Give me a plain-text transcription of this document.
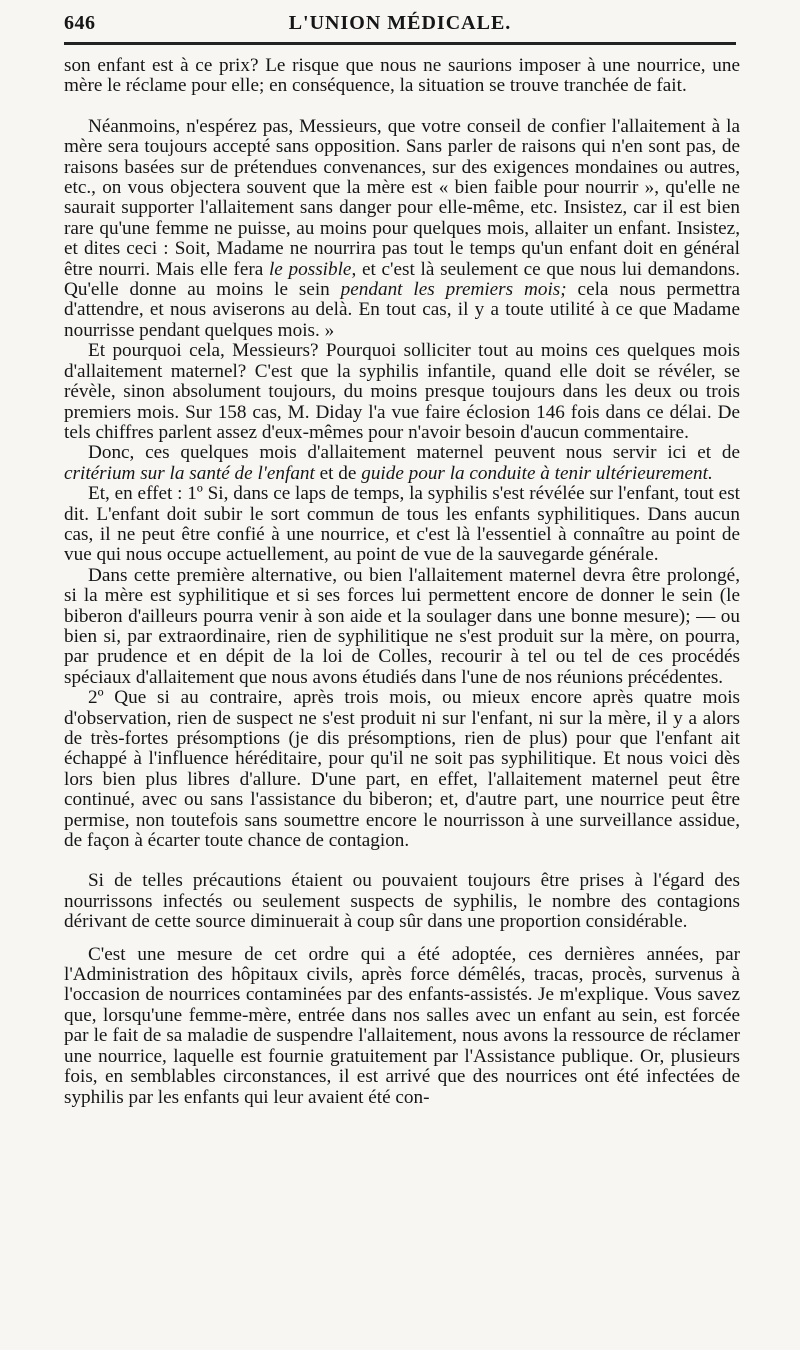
646	L'UNION MÉDICALE.

son enfant est à ce prix? Le risque que nous ne saurions imposer à une nourrice, une mère le réclame pour elle; en conséquence, la situation se trouve tranchée de fait.

Néanmoins, n'espérez pas, Messieurs, que votre conseil de confier l'allaitement à la mère sera toujours accepté sans opposition. Sans parler de raisons qui n'en sont pas, de raisons basées sur de prétendues convenances, sur des exigences mondaines ou autres, etc., on vous objectera souvent que la mère est « bien faible pour nourrir », qu'elle ne saurait supporter l'allaitement sans danger pour elle-même, etc. Insistez, car il est bien rare qu'une femme ne puisse, au moins pour quelques mois, allaiter un enfant. Insistez, et dites ceci : Soit, Madame ne nourrira pas tout le temps qu'un enfant doit en général être nourri. Mais elle fera le possible, et c'est là seulement ce que nous lui demandons. Qu'elle donne au moins le sein pendant les premiers mois; cela nous permettra d'attendre, et nous aviserons au delà. En tout cas, il y a toute utilité à ce que Madame nourrisse pendant quelques mois. »

Et pourquoi cela, Messieurs? Pourquoi solliciter tout au moins ces quelques mois d'allaitement maternel? C'est que la syphilis infantile, quand elle doit se révéler, se révèle, sinon absolument toujours, du moins presque toujours dans les deux ou trois premiers mois. Sur 158 cas, M. Diday l'a vue faire éclosion 146 fois dans ce délai. De tels chiffres parlent assez d'eux-mêmes pour n'avoir besoin d'aucun commentaire.

Donc, ces quelques mois d'allaitement maternel peuvent nous servir ici et de critérium sur la santé de l'enfant et de guide pour la conduite à tenir ultérieurement.

Et, en effet : 1º Si, dans ce laps de temps, la syphilis s'est révélée sur l'enfant, tout est dit. L'enfant doit subir le sort commun de tous les enfants syphilitiques. Dans aucun cas, il ne peut être confié à une nourrice, et c'est là l'essentiel à connaître au point de vue qui nous occupe actuellement, au point de vue de la sauvegarde générale.

Dans cette première alternative, ou bien l'allaitement maternel devra être prolongé, si la mère est syphilitique et si ses forces lui permettent encore de donner le sein (le biberon d'ailleurs pourra venir à son aide et la soulager dans une bonne mesure); — ou bien si, par extraordinaire, rien de syphilitique ne s'est produit sur la mère, on pourra, par prudence et en dépit de la loi de Colles, recourir à tel ou tel de ces procédés spéciaux d'allaitement que nous avons étudiés dans l'une de nos réunions précédentes.

2º Que si au contraire, après trois mois, ou mieux encore après quatre mois d'observation, rien de suspect ne s'est produit ni sur l'enfant, ni sur la mère, il y a alors de très-fortes présomptions (je dis présomptions, rien de plus) pour que l'enfant ait échappé à l'influence héréditaire, pour qu'il ne soit pas syphilitique. Et nous voici dès lors bien plus libres d'allure. D'une part, en effet, l'allaitement maternel peut être continué, avec ou sans l'assistance du biberon; et, d'autre part, une nourrice peut être permise, non toutefois sans soumettre encore le nourrisson à une surveillance assidue, de façon à écarter toute chance de contagion.

Si de telles précautions étaient ou pouvaient toujours être prises à l'égard des nourrissons infectés ou seulement suspects de syphilis, le nombre des contagions dérivant de cette source diminuerait à coup sûr dans une proportion considérable.

C'est une mesure de cet ordre qui a été adoptée, ces dernières années, par l'Administration des hôpitaux civils, après force démêlés, tracas, procès, survenus à l'occasion de nourrices contaminées par des enfants-assistés. Je m'explique. Vous savez que, lorsqu'une femme-mère, entrée dans nos salles avec un enfant au sein, est forcée par le fait de sa maladie de suspendre l'allaitement, nous avons la ressource de réclamer une nourrice, laquelle est fournie gratuitement par l'Assistance publique. Or, plusieurs fois, en semblables circonstances, il est arrivé que des nourrices ont été infectées de syphilis par les enfants qui leur avaient été con-
